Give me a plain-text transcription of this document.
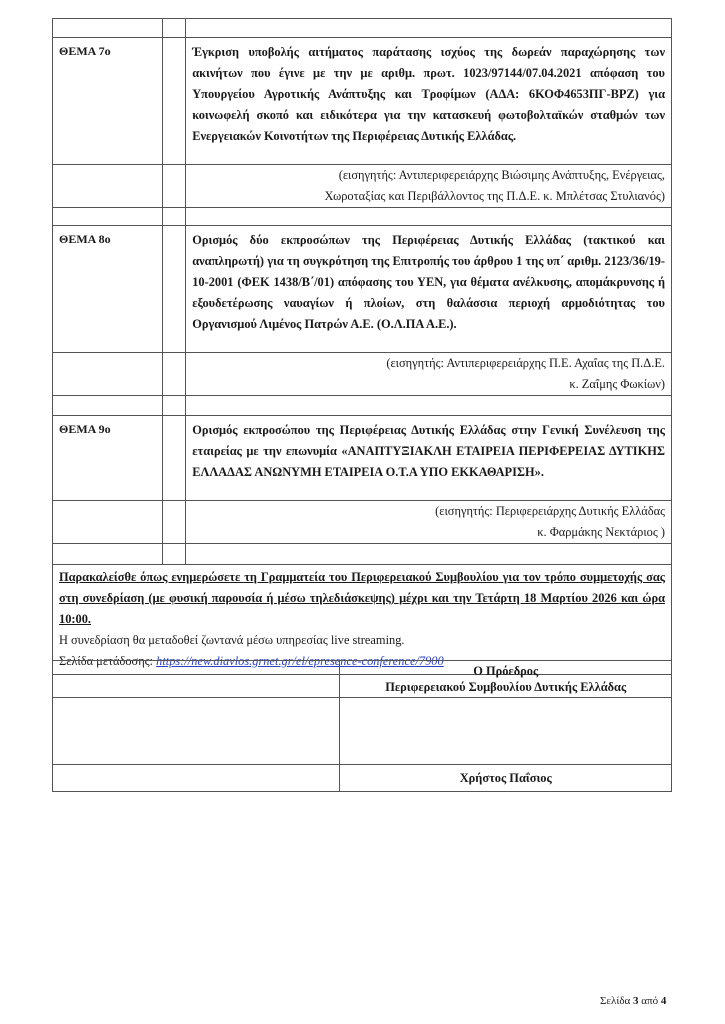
ΘΕΜΑ 7ο		Έγκριση υποβολής αιτήματος παράτασης ισχύος της δωρεάν παραχώρησης των ακινήτων που έγινε με την με αριθμ. πρωτ. 1023/97144/07.04.2021 απόφαση του Υπουργείου Αγροτικής Ανάπτυξης και Τροφίμων (ΑΔΑ: 6ΚΟΦ4653ΠΓ-ΒΡΖ) για κοινωφελή σκοπό και ειδικότερα για την κατασκευή φωτοβολταϊκών σταθμών των Ενεργειακών Κοινοτήτων της Περιφέρειας Δυτικής Ελλάδας.

		(εισηγητής: Αντιπεριφερειάρχης Βιώσιμης Ανάπτυξης, Ενέργειας,
Χωροταξίας και Περιβάλλοντος της Π.Δ.Ε. κ. Μπλέτσας Στυλιανός)

ΘΕΜΑ 8ο		Ορισμός δύο εκπροσώπων της Περιφέρειας Δυτικής Ελλάδας (τακτικού και αναπληρωτή) για τη συγκρότηση της Επιτροπής του άρθρου 1 της υπ΄ αριθμ. 2123/36/19-10-2001 (ΦΕΚ 1438/Β΄/01) απόφασης του ΥΕΝ, για θέματα ανέλκυσης, απομάκρυνσης ή εξουδετέρωσης ναυαγίων ή πλοίων, στη θαλάσσια περιοχή αρμοδιότητας του Οργανισμού Λιμένος Πατρών Α.Ε. (Ο.Λ.ΠΑ Α.Ε.).

		(εισηγητής: Αντιπεριφερειάρχης Π.Ε. Αχαΐας της Π.Δ.Ε.
κ. Ζαΐμης Φωκίων)

ΘΕΜΑ 9ο		Ορισμός εκπροσώπου της Περιφέρειας Δυτικής Ελλάδας στην Γενική Συνέλευση της εταιρείας με την επωνυμία «ΑΝΑΠΤΥΞΙΑΚΛΗ ΕΤΑΙΡΕΙΑ ΠΕΡΙΦΕΡΕΙΑΣ ΔΥΤΙΚΗΣ ΕΛΛΑΔΑΣ ΑΝΩΝΥΜΗ ΕΤΑΙΡΕΙΑ Ο.Τ.Α ΥΠΟ ΕΚΚΑΘΑΡΙΣΗ».

		(εισηγητής: Περιφερειάρχης Δυτικής Ελλάδας
κ. Φαρμάκης Νεκτάριος )

Παρακαλείσθε όπως ενημερώσετε τη Γραμματεία του Περιφερειακού Συμβουλίου για τον τρόπο συμμετοχής σας στη συνεδρίαση (με φυσική παρουσία ή μέσω τηλεδιάσκεψης) μέχρι και την Τετάρτη 18 Μαρτίου 2026 και ώρα 10:00.
Η συνεδρίαση θα μεταδοθεί ζωντανά μέσω υπηρεσίας live streaming.
Σελίδα μετάδοσης: https://new.diavlos.grnet.gr/el/epresence-conference/7900		

	Ο Πρόεδρος
Περιφερειακού Συμβουλίου Δυτικής Ελλάδας

	Χρήστος Παΐσιος
Σελίδα 3 από 4
